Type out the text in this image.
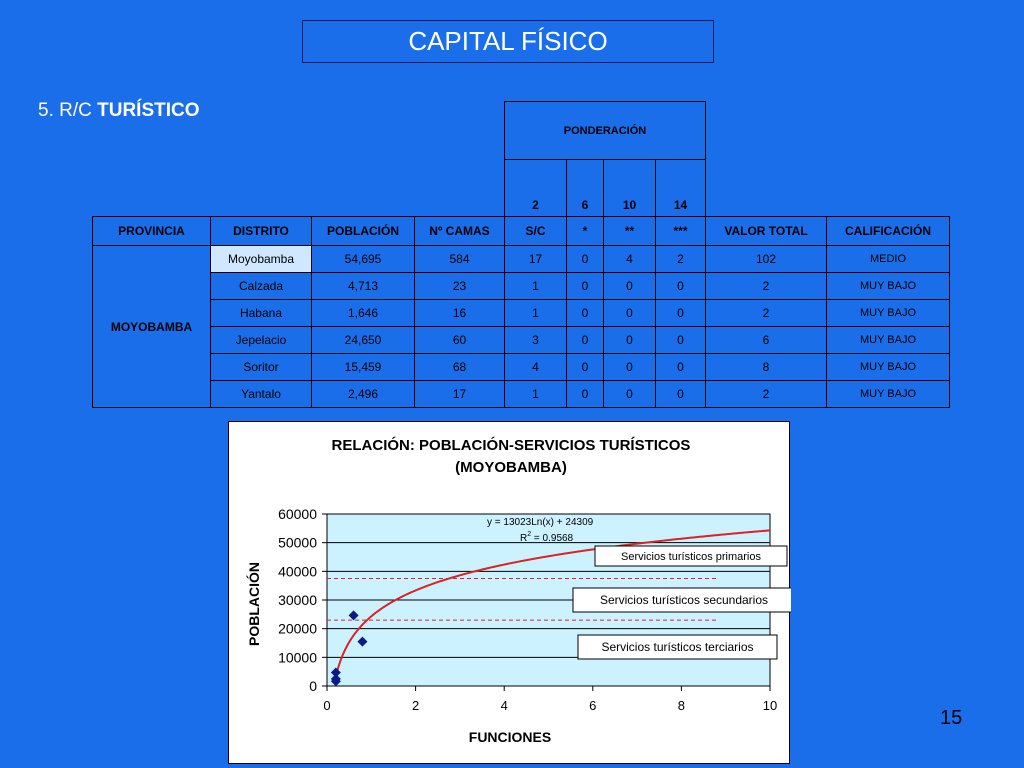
CAPITAL FÍSICO
5. R/C TURÍSTICO
				PONDERACIÓN					
				2	6	10	14		
PROVINCIA	DISTRITO	POBLACIÓN	Nº CAMAS	S/C	*	**	***	VALOR TOTAL	CALIFICACIÓN
MOYOBAMBA	Moyobamba	54,695	584	17	0	4	2	102	MEDIO
	Calzada	4,713	23	1	0	0	0	2	MUY BAJO
	Habana	1,646	16	1	0	0	0	2	MUY BAJO
	Jepelacio	24,650	60	3	0	0	0	6	MUY BAJO
	Soritor	15,459	68	4	0	0	0	8	MUY BAJO
	Yantalo	2,496	17	1	0	0	0	2	MUY BAJO
RELACIÓN: POBLACIÓN-SERVICIOS TURÍSTICOS
(MOYOBAMBA)
0
10000
20000
30000
40000
50000
60000
0	2	4	6	8	10
y = 13023Ln(x) + 24309
$R^2 = 0.9568$
Servicios turísticos primarios
Servicios turísticos secundarios
Servicios turísticos terciarios
FUNCIONES
POBLACIÓN
15
